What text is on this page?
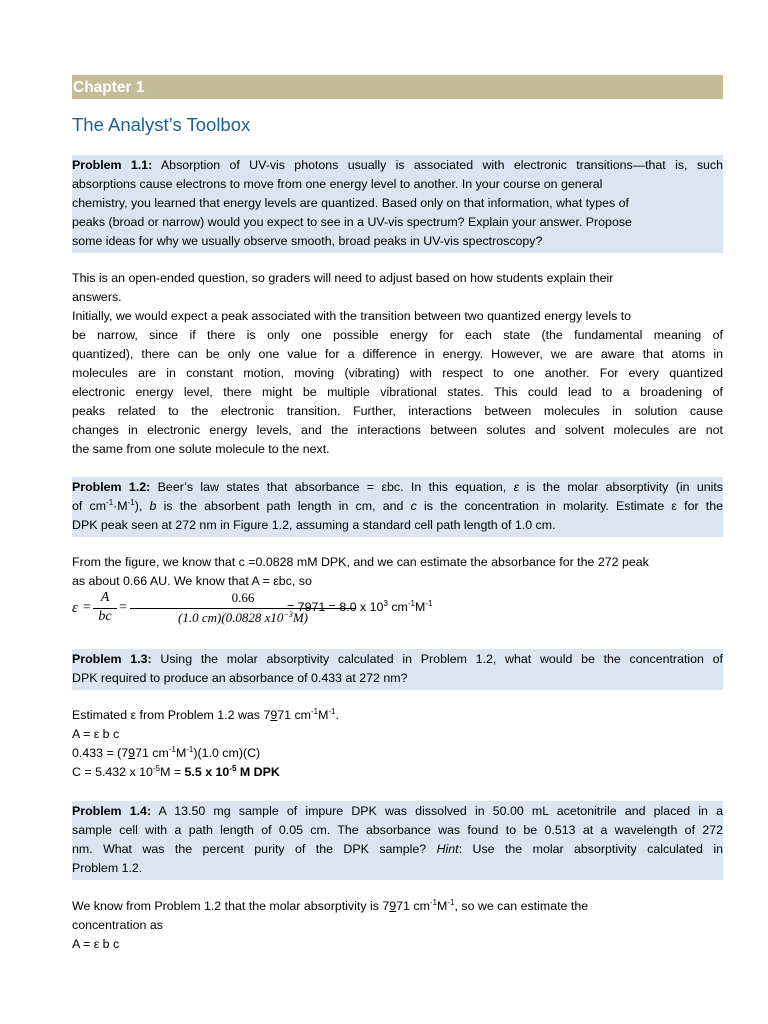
Chapter 1
The Analyst’s Toolbox
Problem 1.1: Absorption of UV-vis photons usually is associated with electronic transitions—that is, such
absorptions cause electrons to move from one energy level to another. In your course on general
chemistry, you learned that energy levels are quantized. Based only on that information, what types of
peaks (broad or narrow) would you expect to see in a UV-vis spectrum? Explain your answer. Propose
some ideas for why we usually observe smooth, broad peaks in UV-vis spectroscopy?
This is an open-ended question, so graders will need to adjust based on how students explain their
answers.
Initially, we would expect a peak associated with the transition between two quantized energy levels to
be narrow, since if there is only one possible energy for each state (the fundamental meaning of
quantized), there can be only one value for a difference in energy. However, we are aware that atoms in
molecules are in constant motion, moving (vibrating) with respect to one another. For every quantized
electronic energy level, there might be multiple vibrational states. This could lead to a broadening of
peaks related to the electronic transition. Further, interactions between molecules in solution cause
changes in electronic energy levels, and the interactions between solutes and solvent molecules are not
the same from one solute molecule to the next.
Problem 1.2: Beer’s law states that absorbance = εbc. In this equation, ε is the molar absorptivity (in units
of $cm^{-1}\cdot M^{-1}$), b is the absorbent path length in cm, and c is the concentration in molarity. Estimate ε for the
DPK peak seen at 272 nm in Figure 1.2, assuming a standard cell path length of 1.0 cm.
From the figure, we know that c =0.0828 mM DPK, and we can estimate the absorbance for the 272 peak
as about 0.66 AU. We know that A = εbc, so
ε =
A
bc
=
0.66
(1.0 cm)(0.0828 $x10^{-3}M$)
= 7971 = 8.0 x $10^3$ $cm^{-1}M^{-1}$
Problem 1.3: Using the molar absorptivity calculated in Problem 1.2, what would be the concentration of
DPK required to produce an absorbance of 0.433 at 272 nm?
Estimated ε from Problem 1.2 was 7971 $cm^{-1}M^{-1}$.
A = ε b c
0.433 = (7971 $cm^{-1}M^{-1})(1.0$ cm)(C)
C = 5.432 x $10^{-5}M = 5.5$ x $10^{-5}$ M DPK
Problem 1.4: A 13.50 mg sample of impure DPK was dissolved in 50.00 mL acetonitrile and placed in a
sample cell with a path length of 0.05 cm. The absorbance was found to be 0.513 at a wavelength of 272
nm. What was the percent purity of the DPK sample? Hint: Use the molar absorptivity calculated in
Problem 1.2.
We know from Problem 1.2 that the molar absorptivity is 7971 $cm^{-1}M^{-1}$, so we can estimate the
concentration as
A = ε b c
